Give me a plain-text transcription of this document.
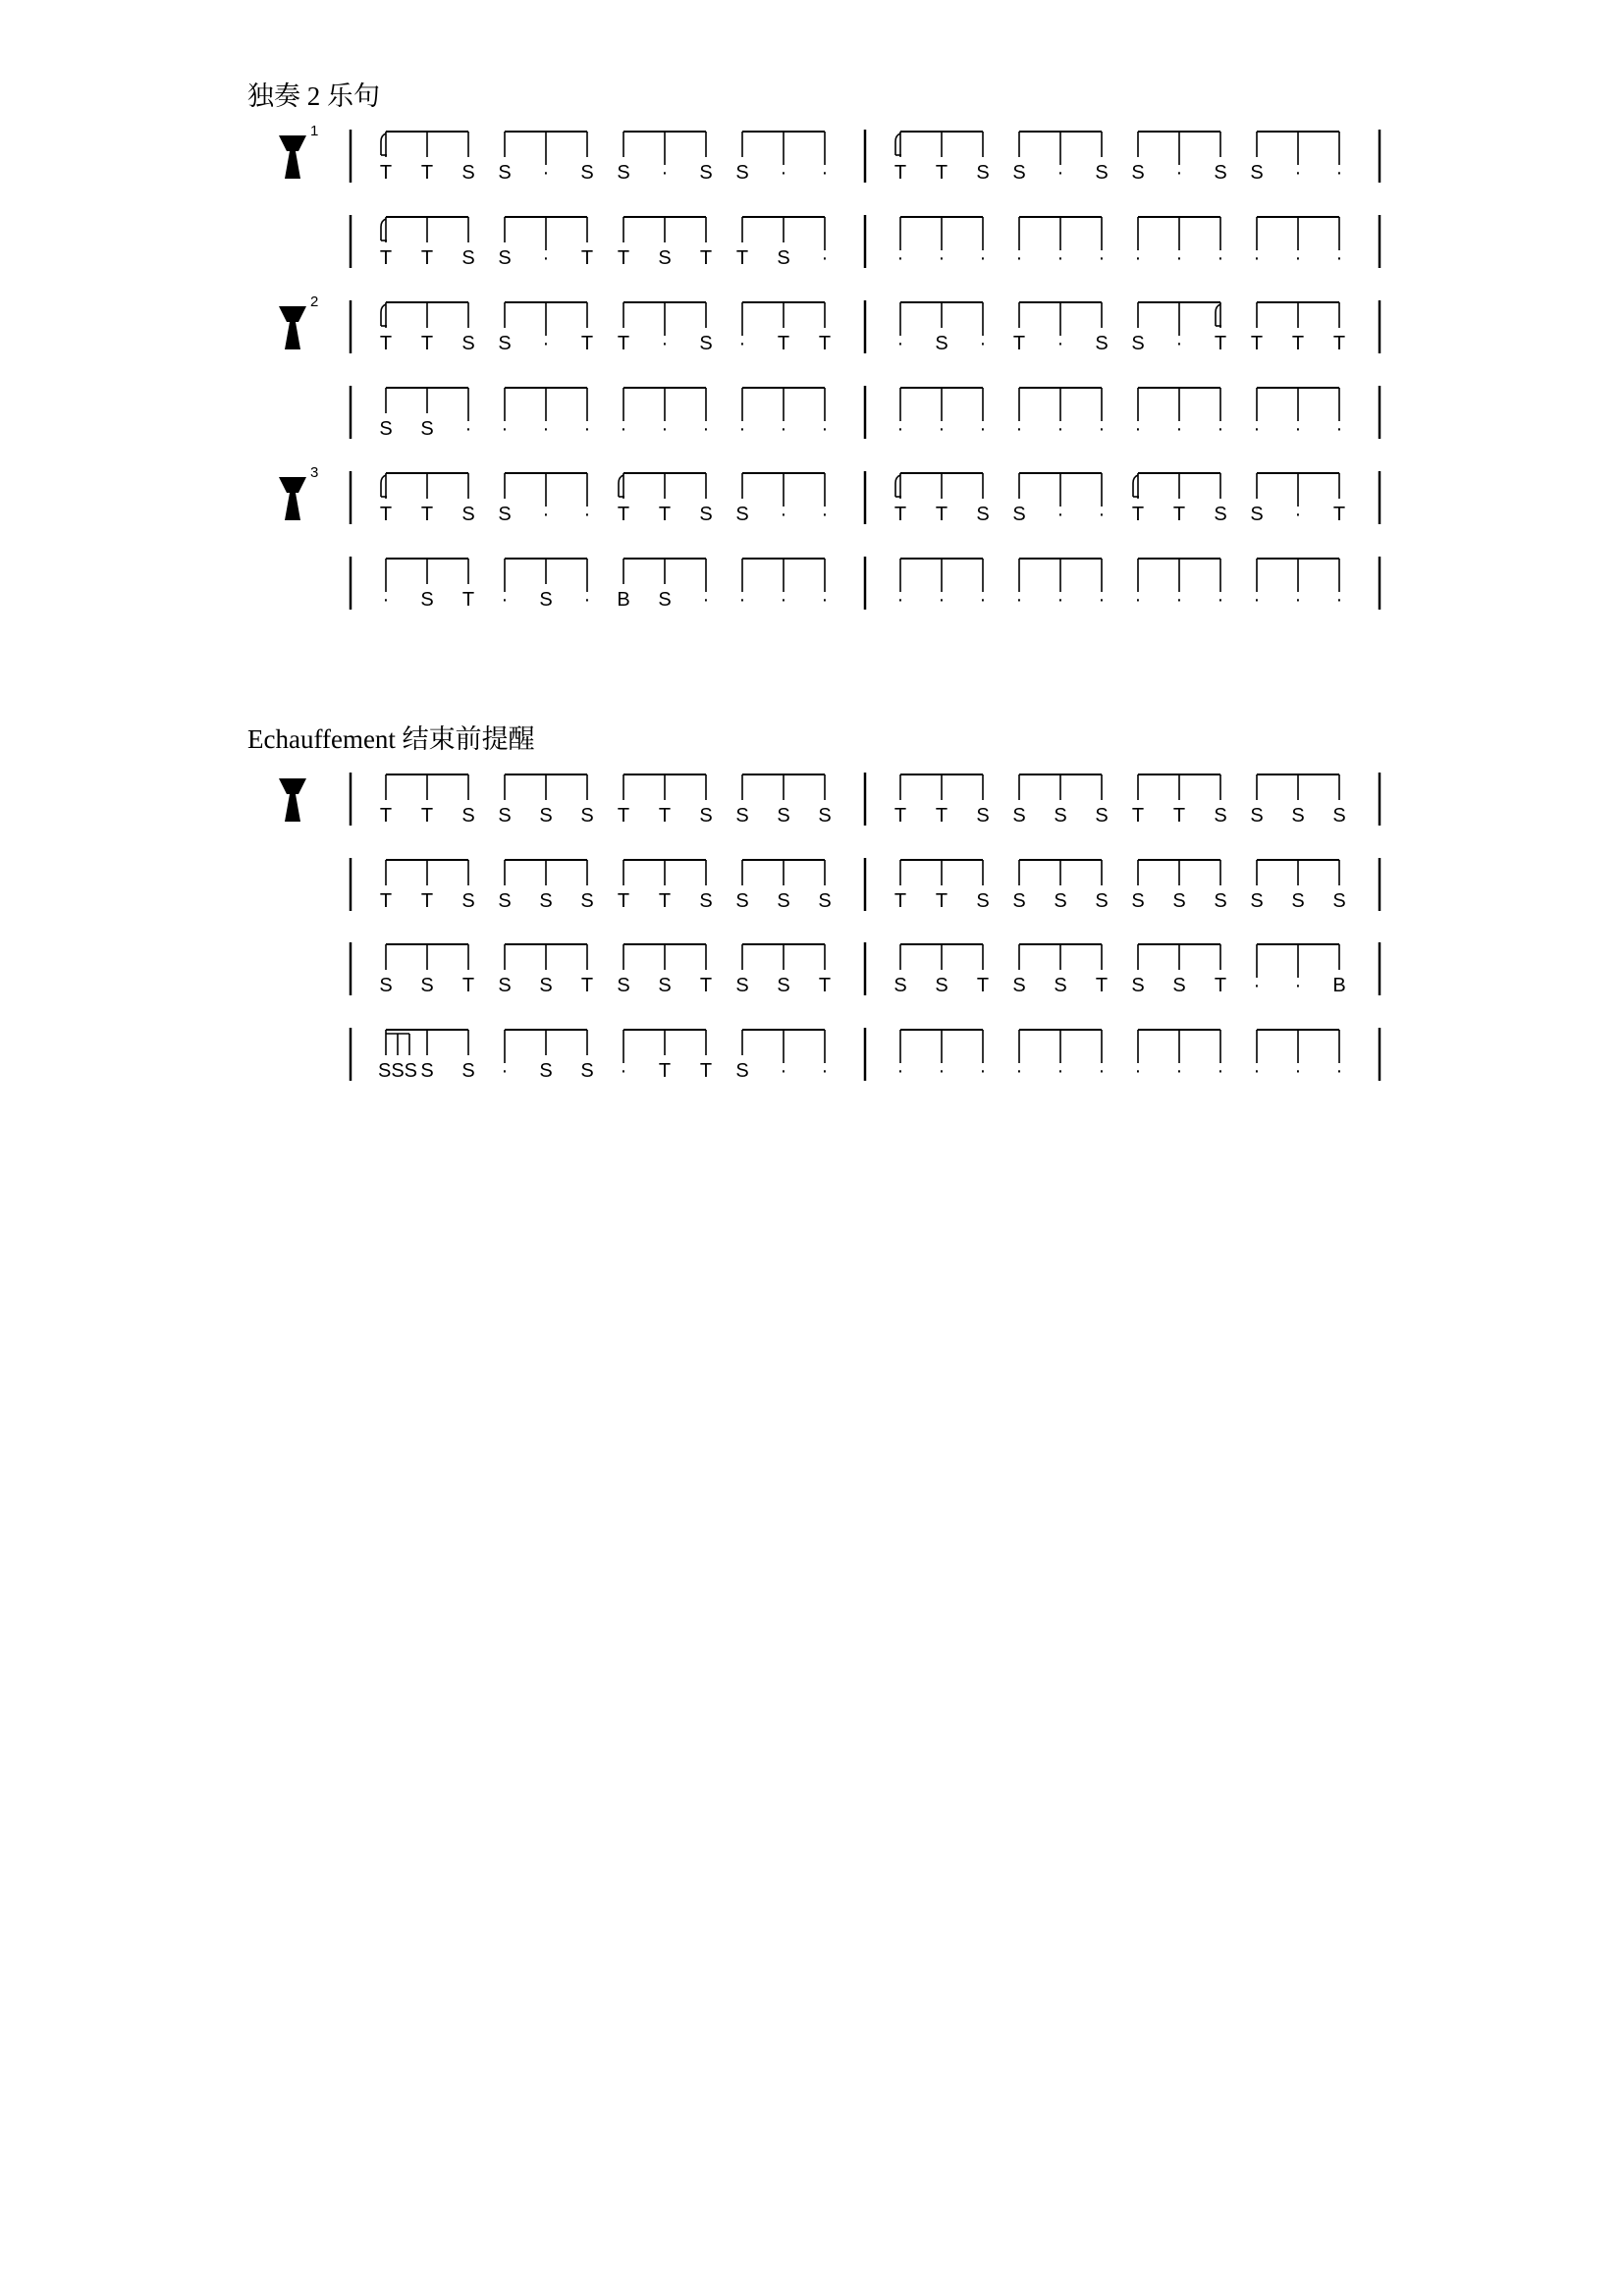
独奏 2 乐句
1
T T S S · S S · S S · ·	T T S S · S S · S S · ·
T T S S · T T S T T S ·	· · · · · · · · · · · ·
2
T T S S · T T · S · T T	· S · T · S S · T T T T
S S · · · · · · · · · ·	· · · · · · · · · · · ·
3
T T S S · · T T S S · ·	T T S S · · T T S S · T
· S T · S · B S · · · ·	· · · · · · · · · · · ·
Echauffement 结束前提醒
T T S S S S T T S S S S	T T S S S S T T S S S S
T T S S S S T T S S S S	T T S S S S S S S S S S
S S T S S T S S T S S T	S S T S S T S S T · · B
SSS S S · S S · T T S · ·	· · · · · · · · · · · ·
